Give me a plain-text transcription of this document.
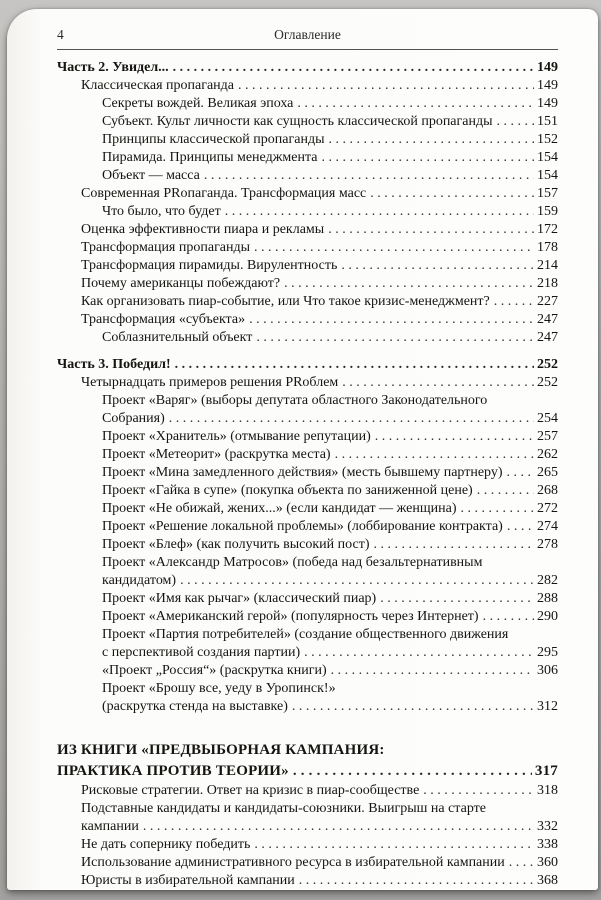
4	Оглавление
Часть 2. Увидел... . . .	149
Классическая пропаганда . . .	149
Секреты вождей. Великая эпоха . . .	149
Субъект. Культ личности как сущность классической пропаганды . . .	151
Принципы классической пропаганды . . .	152
Пирамида. Принципы менеджмента . . .	154
Объект — масса . . .	154
Современная PRопаганда. Трансформация масс . . .	157
Что было, что будет . . .	159
Оценка эффективности пиара и рекламы . . .	172
Трансформация пропаганды . . .	178
Трансформация пирамиды. Вирулентность . . .	214
Почему американцы побеждают? . . .	218
Как организовать пиар-событие, или Что такое кризис-менеджмент? . . .	227
Трансформация «субъекта» . . .	247
Соблазнительный объект . . .	247
Часть 3. Победил! . . .	252
Четырнадцать примеров решения PRоблем . . .	252
Проект «Варяг» (выборы депутата областного Законодательного
Собрания) . . .	254
Проект «Хранитель» (отмывание репутации) . . .	257
Проект «Метеорит» (раскрутка места) . . .	262
Проект «Мина замедленного действия» (месть бывшему партнеру) . . . 265
Проект «Гайка в супе» (покупка объекта по заниженной цене) . . .	268
Проект «Не обижай, жених...» (если кандидат — женщина) . . .	272
Проект «Решение локальной проблемы» (лоббирование контракта) . . . 274
Проект «Блеф» (как получить высокий пост) . . .	278
Проект «Александр Матросов» (победа над безальтернативным
кандидатом) . . .	282
Проект «Имя как рычаг» (классический пиар) . . .	288
Проект «Американский герой» (популярность через Интернет) . . .	290
Проект «Партия потребителей» (создание общественного движения
с перспективой создания партии) . . .	295
«Проект „Россия“» (раскрутка книги) . . .	306
Проект «Брошу все, уеду в Уропинск!»
(раскрутка стенда на выставке) . . .	312
ИЗ КНИГИ «ПРЕДВЫБОРНАЯ КАМПАНИЯ:
ПРАКТИКА ПРОТИВ ТЕОРИИ» . . .	317
Рисковые стратегии. Ответ на кризис в пиар-сообществе . . .	318
Подставные кандидаты и кандидаты-союзники. Выигрыш на старте
кампании . . .	332
Не дать сопернику победить . . .	338
Использование административного ресурса в избирательной кампании . . . 360
Юристы в избирательной кампании . . .	368
